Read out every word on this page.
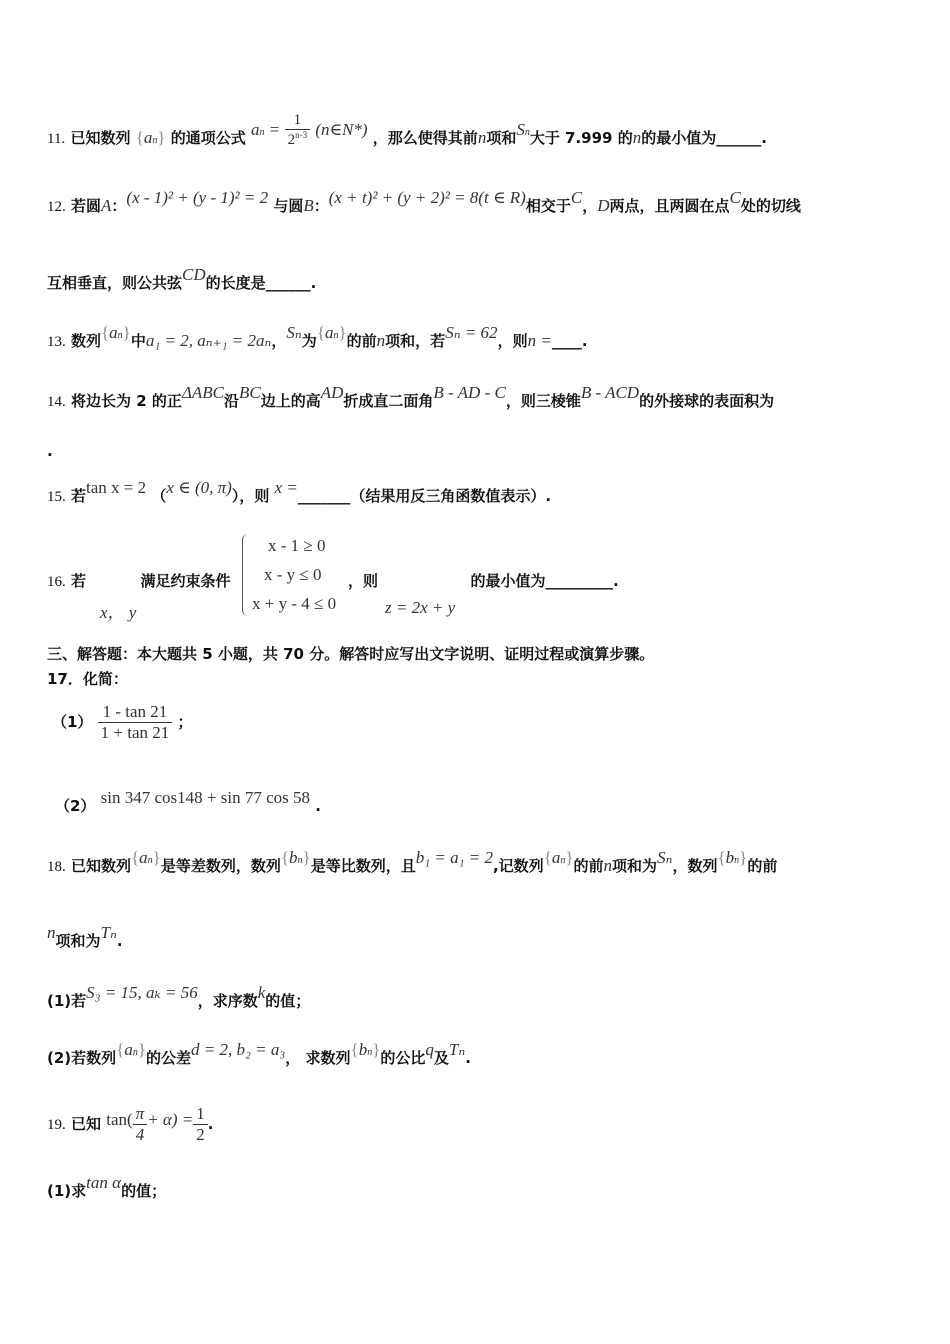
11. 已知数列 {an} 的通项公式 an = $\frac{1}{2^{n-3}}$ (n∈N*) ，那么使得其前n项和Sn大于 7.999 的n的最小值为______.
12. 若圆A：(x - 1)² + (y - 1)² = 2 与圆B：(x + t)² + (y + 2)² = 8(t ∈ R)相交于C，D两点，且两圆在点C处的切线
互相垂直，则公共弦CD的长度是______.
13. 数列{an}中a₁ = 2, aₙ₊₁ = 2aₙ，Sₙ为{an}的前n项和，若Sₙ = 62，则n =____.
14. 将边长为 2 的正ΔABC沿BC边上的高AD折成直二面角B - AD - C，则三棱锥B - ACD的外接球的表面积为
.
15. 若tan x = 2 （x ∈ (0, π)），则 x =_______（结果用反三角函数值表示）.
16. 若	满足约束条件
x - 1 ≥ 0
x - y ≤ 0
x + y - 4 ≤ 0
x， y
，则	的最小值为_________.
z = 2x + y
三、解答题：本大题共 5 小题，共 70 分。解答时应写出文字说明、证明过程或演算步骤。
17．化简：
$(1) \frac{1 - \tan 21}{1 + \tan 21}$ ；
（2） sin 347 cos148 + sin 77 cos 58 .
18. 已知数列{an}是等差数列，数列{bn}是等比数列，且b₁ = a₁ = 2,记数列{an}的前n项和为Sₙ，数列{bn}的前
n项和为Tₙ.
(1)若S₃ = 15, aₖ = 56，求序数k的值；
(2)若数列{an}的公差d = 2, b₂ = a₃， 求数列{bn}的公比q及Tₙ.
19. 已知 $\tan( \frac{\pi}{4} + \alpha) = \frac{1}{2}$ .
(1)求tan α的值；
